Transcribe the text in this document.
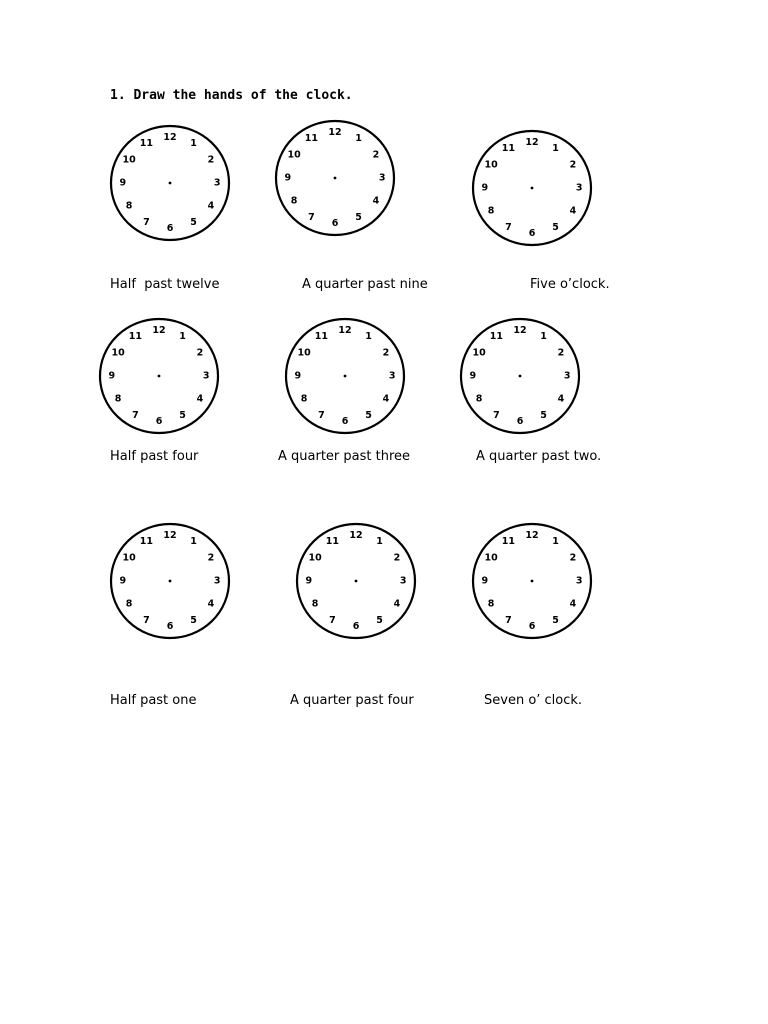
1. Draw the hands of the clock.
12
1
2
3
4
5
6
7
8
9
10
11
12
1
2
3
4
5
6
7
8
9
10
11	12
1
2
3
4
5
6
7
8
9
10
11
Half  past twelve	A quarter past nine	Five o’clock.
12
1
2
3
4
5
6
7
8
9
10
11
12
1
2
3
4
5
6
7
8
9
10
11
12
1
2
3
4
5
6
7
8
9
10
11
Half past four	A quarter past three	A quarter past two.
12
1
2
3
4
5
6
7
8
9
10
11
12
1
2
3
4
5
6
7
8
9
10
11
12
1
2
3
4
5
6
7
8
9
10
11
Half past one	A quarter past four	Seven o’ clock.
